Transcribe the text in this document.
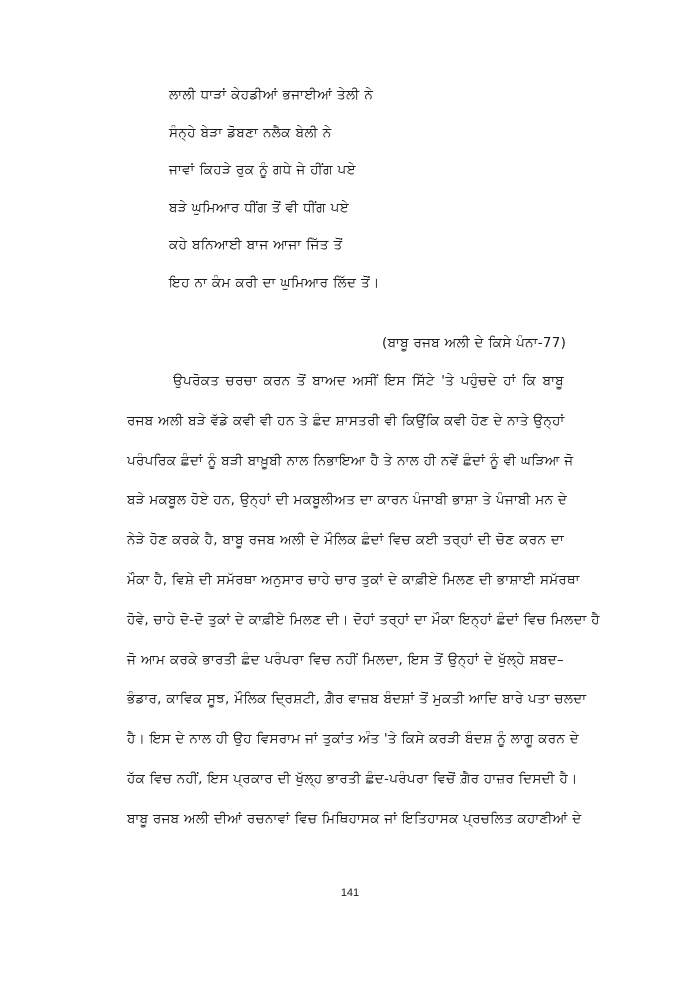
ਲਾਲੀ ਧਾੜਾਂ ਕੇਹਡੀਆਂ ਭਜਾਈਆਂ ਤੇਲੀ ਨੇ
ਸੰਨ੍ਹੇ ਬੇੜਾ ਡੋਬਣਾ ਨਲੈਕ ਬੇਲੀ ਨੇ
ਜਾਵਾਂ ਕਿਹੜੇ ਰੁਕ ਨੂੰ ਗਧੇ ਜੇ ਹੀਂਗ ਪਏ
ਬੜੇ ਘੁਮਿਆਰ ਧੀਂਗ ਤੋਂ ਵੀ ਧੀਂਗ ਪਏ
ਕਹੇ ਬਨਿਆਈ ਬਾਜ ਆਜਾ ਜਿੱਤ ਤੋਂ
ਇਹ ਨਾ ਕੰਮ ਕਰੀ ਦਾ ਘੁਮਿਆਰ ਲਿੱਦ ਤੋਂ।
(ਬਾਬੂ ਰਜਬ ਅਲੀ ਦੇ ਕਿਸੇ ਪੰਨਾ-77)
ਉਪਰੋਕਤ ਚਰਚਾ ਕਰਨ ਤੋਂ ਬਾਅਦ ਅਸੀਂ ਇਸ ਸਿੱਟੇ 'ਤੇ ਪਹੁੰਚਦੇ ਹਾਂ ਕਿ ਬਾਬੂ
ਰਜਬ ਅਲੀ ਬੜੇ ਵੱਡੇ ਕਵੀ ਵੀ ਹਨ ਤੇ ਛੰਦ ਸ਼ਾਸਤਰੀ ਵੀ ਕਿਉਂਕਿ ਕਵੀ ਹੋਣ ਦੇ ਨਾਤੇ ਉਨ੍ਹਾਂ
ਪਰੰਪਰਿਕ ਛੰਦਾਂ ਨੂੰ ਬੜੀ ਬਾਖ਼ੂਬੀ ਨਾਲ ਨਿਭਾਇਆ ਹੈ ਤੇ ਨਾਲ ਹੀ ਨਵੇਂ ਛੰਦਾਂ ਨੂੰ ਵੀ ਘੜਿਆ ਜੋ
ਬੜੇ ਮਕਬੂਲ ਹੋਏ ਹਨ, ਉਨ੍ਹਾਂ ਦੀ ਮਕਬੂਲੀਅਤ ਦਾ ਕਾਰਨ ਪੰਜਾਬੀ ਭਾਸ਼ਾ ਤੇ ਪੰਜਾਬੀ ਮਨ ਦੇ
ਨੇੜੇ ਹੋਣ ਕਰਕੇ ਹੈ, ਬਾਬੂ ਰਜਬ ਅਲੀ ਦੇ ਮੌਲਿਕ ਛੰਦਾਂ ਵਿਚ ਕਈ ਤਰ੍ਹਾਂ ਦੀ ਚੋਣ ਕਰਨ ਦਾ
ਮੌਕਾ ਹੈ, ਵਿਸ਼ੇ ਦੀ ਸਮੱਰਥਾ ਅਨੁਸਾਰ ਚਾਹੇ ਚਾਰ ਤੁਕਾਂ ਦੇ ਕਾਫ਼ੀਏ ਮਿਲਣ ਦੀ ਭਾਸ਼ਾਈ ਸਮੱਰਥਾ
ਹੋਵੇ, ਚਾਹੇ ਦੋ-ਦੋ ਤੁਕਾਂ ਦੇ ਕਾਫ਼ੀਏ ਮਿਲਣ ਦੀ। ਦੋਹਾਂ ਤਰ੍ਹਾਂ ਦਾ ਮੌਕਾ ਇਨ੍ਹਾਂ ਛੰਦਾਂ ਵਿਚ ਮਿਲਦਾ ਹੈ
ਜੋ ਆਮ ਕਰਕੇ ਭਾਰਤੀ ਛੰਦ ਪਰੰਪਰਾ ਵਿਚ ਨਹੀਂ ਮਿਲਦਾ, ਇਸ ਤੋਂ ਉਨ੍ਹਾਂ ਦੇ ਖੁੱਲ੍ਹੇ ਸ਼ਬਦ–
ਭੰਡਾਰ, ਕਾਵਿਕ ਸੂਝ, ਮੌਲਿਕ ਦ੍ਰਿਸ਼ਟੀ, ਗ਼ੈਰ ਵਾਜ਼ਬ ਬੰਦਸ਼ਾਂ ਤੋਂ ਮੁਕਤੀ ਆਦਿ ਬਾਰੇ ਪਤਾ ਚਲਦਾ
ਹੈ। ਇਸ ਦੇ ਨਾਲ ਹੀ ਉਹ ਵਿਸਰਾਮ ਜਾਂ ਤੁਕਾਂਤ ਅੰਤ 'ਤੇ ਕਿਸੇ ਕਰੜੀ ਬੰਦਸ਼ ਨੂੰ ਲਾਗੂ ਕਰਨ ਦੇ
ਹੱਕ ਵਿਚ ਨਹੀਂ, ਇਸ ਪ੍ਰਕਾਰ ਦੀ ਖੁੱਲ੍ਹ ਭਾਰਤੀ ਛੰਦ-ਪਰੰਪਰਾ ਵਿਚੋਂ ਗ਼ੈਰ ਹਾਜ਼ਰ ਦਿਸਦੀ ਹੈ।
ਬਾਬੂ ਰਜਬ ਅਲੀ ਦੀਆਂ ਰਚਨਾਵਾਂ ਵਿਚ ਮਿਥਿਹਾਸਕ ਜਾਂ ਇਤਿਹਾਸਕ ਪ੍ਰਚਲਿਤ ਕਹਾਣੀਆਂ ਦੇ
141
